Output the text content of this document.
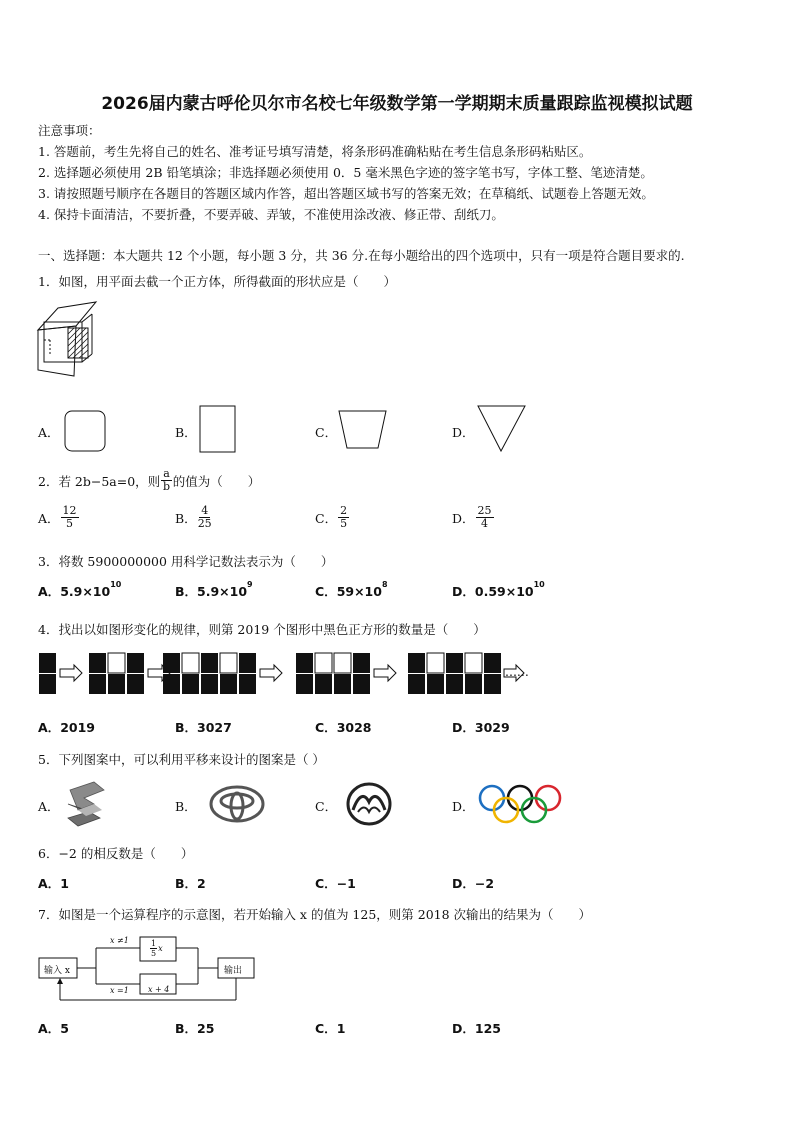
2026届内蒙古呼伦贝尔市名校七年级数学第一学期期末质量跟踪监视模拟试题
注意事项：
1. 答题前，考生先将自己的姓名、准考证号填写清楚，将条形码准确粘贴在考生信息条形码粘贴区。
2. 选择题必须使用 2B 铅笔填涂；非选择题必须使用 0．5 毫米黑色字迹的签字笔书写，字体工整、笔迹清楚。
3. 请按照题号顺序在各题目的答题区域内作答，超出答题区域书写的答案无效；在草稿纸、试题卷上答题无效。
4. 保持卡面清洁，不要折叠，不要弄破、弄皱，不准使用涂改液、修正带、刮纸刀。
一、选择题：本大题共 12 个小题，每小题 3 分，共 36 分.在每小题给出的四个选项中，只有一项是符合题目要求的.
1．如图，用平面去截一个正方体，所得截面的形状应是（　　）
A．	B．	C．	D．
2．若 2b−5a=0，则 $\frac{a}{b}$ 的值为（　　）
A． $\frac{12}{5}$	B． $\frac{4}{25}$	C． $\frac{2}{5}$	D． $\frac{25}{4}$
3．将数 5900000000 用科学记数法表示为（　　）
A．$5.9\times 10^{10}$	B．$5.9\times 10^9$	C．$59\times 10^8$	D．$0.59\times 10^{10}$
4．找出以如图形变化的规律，则第 2019 个图形中黑色正方形的数量是（　　）
......
A．2019	B．3027	C．3028	D．3029
5．下列图案中，可以利用平移来设计的图案是（ ）
A．	B．	C．	D．
6．−2 的相反数是（　　）
A．1	B．2	C．−1	D．−2
7．如图是一个运算程序的示意图，若开始输入 x 的值为 125，则第 2018 次输出的结果为（　　）
输入 x	输出
x ≠1
x =1 x + 4
$\frac{1}{5}$ x
A．5	B．25	C．1	D．125
